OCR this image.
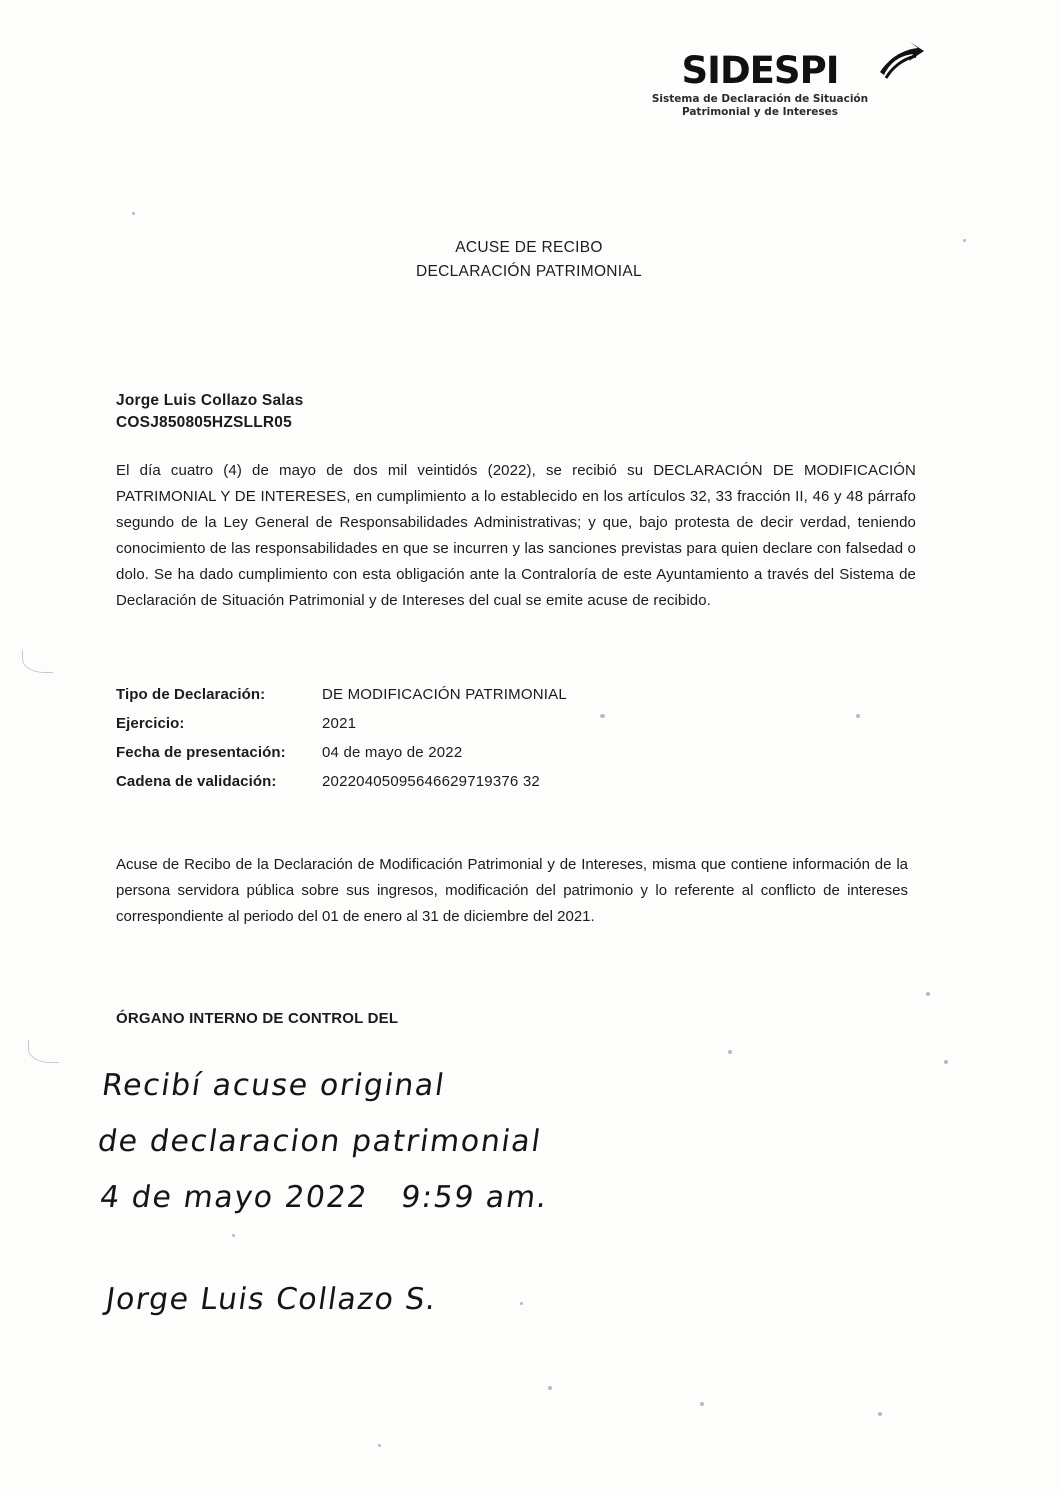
SIDESPI
Sistema de Declaración de Situación
Patrimonial y de Intereses
ACUSE DE RECIBO
DECLARACIÓN PATRIMONIAL
Jorge Luis Collazo Salas
COSJ850805HZSLLR05
El día cuatro (4) de mayo de dos mil veintidós (2022), se recibió su DECLARACIÓN DE MODIFICACIÓN PATRIMONIAL Y DE INTERESES, en cumplimiento a lo establecido en los artículos 32, 33 fracción II, 46 y 48 párrafo segundo de la Ley General de Responsabilidades Administrativas; y que, bajo protesta de decir verdad, teniendo conocimiento de las responsabilidades en que se incurren y las sanciones previstas para quien declare con falsedad o dolo. Se ha dado cumplimiento con esta obligación ante la Contraloría de este Ayuntamiento a través del Sistema de Declaración de Situación Patrimonial y de Intereses del cual se emite acuse de recibido.
Tipo de Declaración:	DE MODIFICACIÓN PATRIMONIAL
Ejercicio:	2021
Fecha de presentación:	04 de mayo de 2022
Cadena de validación:	20220405095646629719376 32
Acuse de Recibo de la Declaración de Modificación Patrimonial y de Intereses, misma que contiene información de la persona servidora pública sobre sus ingresos, modificación del patrimonio y lo referente al conflicto de intereses correspondiente al periodo del 01 de enero al 31 de diciembre del 2021.
ÓRGANO INTERNO DE CONTROL DEL
Recibí acuse original
de declaracion patrimonial
4 de mayo 2022   9:59 am.
Jorge Luis Collazo S.
